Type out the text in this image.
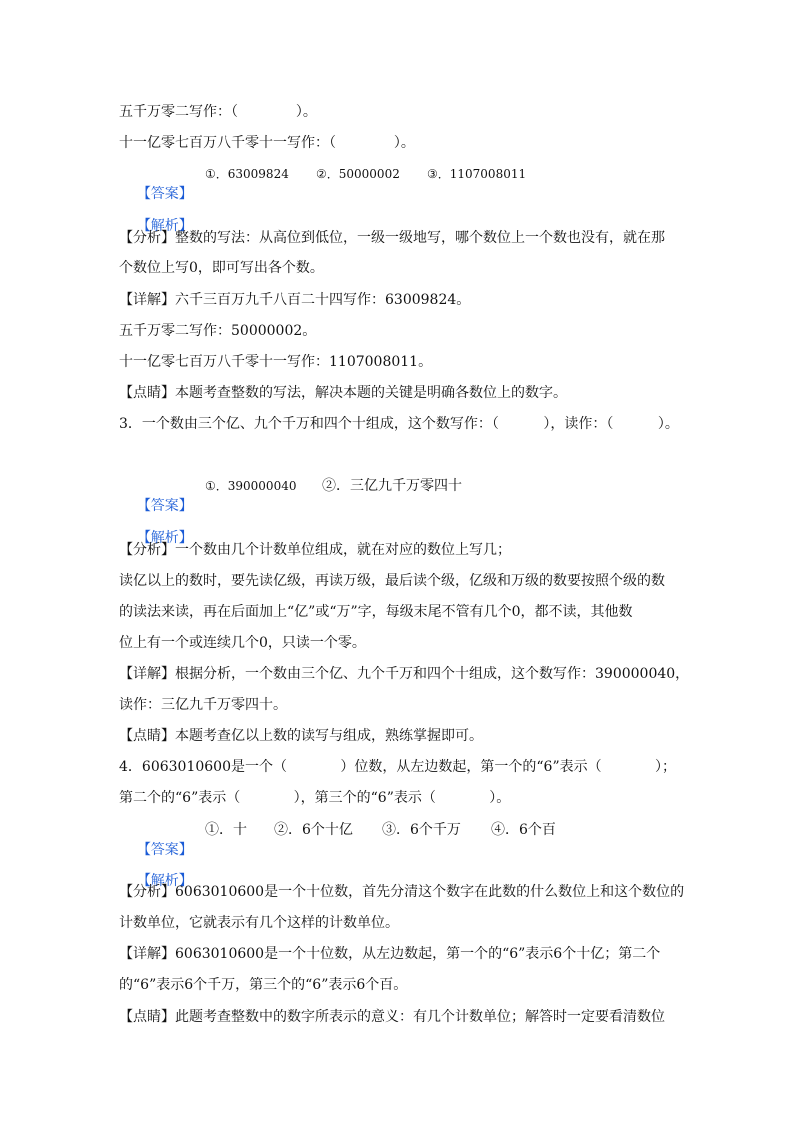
五千万零二写作：（             ）。
十一亿零七百万八千零十一写作：（             ）。

【答案】

①．63009824 ②．50000002 ③．1107008011

【解析】

【分析】整数的写法：从高位到低位，一级一级地写，哪个数位上一个数也没有，就在那
个数位上写0，即可写出各个数。
【详解】六千三百万九千八百二十四写作：63009824。
五千万零二写作：50000002。
十一亿零七百万八千零十一写作：1107008011。
【点睛】本题考查整数的写法，解决本题的关键是明确各数位上的数字。
3．一个数由三个亿、九个千万和四个十组成，这个数写作：（          ），读作：（          ）。

【答案】

①．390000040 ②．三亿九千万零四十

【解析】

【分析】一个数由几个计数单位组成，就在对应的数位上写几；
读亿以上的数时，要先读亿级，再读万级，最后读个级，亿级和万级的数要按照个级的数
的读法来读，再在后面加上“亿”或“万”字，每级末尾不管有几个0，都不读，其他数
位上有一个或连续几个0，只读一个零。
【详解】根据分析，一个数由三个亿、九个千万和四个十组成，这个数写作：390000040，
读作：三亿九千万零四十。
【点睛】本题考查亿以上数的读写与组成，熟练掌握即可。
4．6063010600是一个（            ）位数，从左边数起，第一个的“6”表示（            ）；
第二个的“6”表示（            ），第三个的“6”表示（            ）。

【答案】

①．十 ②．6个十亿 ③．6个千万 ④．6个百

【解析】

【分析】6063010600是一个十位数，首先分清这个数字在此数的什么数位上和这个数位的
计数单位，它就表示有几个这样的计数单位。
【详解】6063010600是一个十位数，从左边数起，第一个的“6”表示6个十亿；第二个
的“6”表示6个千万，第三个的“6”表示6个百。
【点睛】此题考查整数中的数字所表示的意义：有几个计数单位；解答时一定要看清数位
